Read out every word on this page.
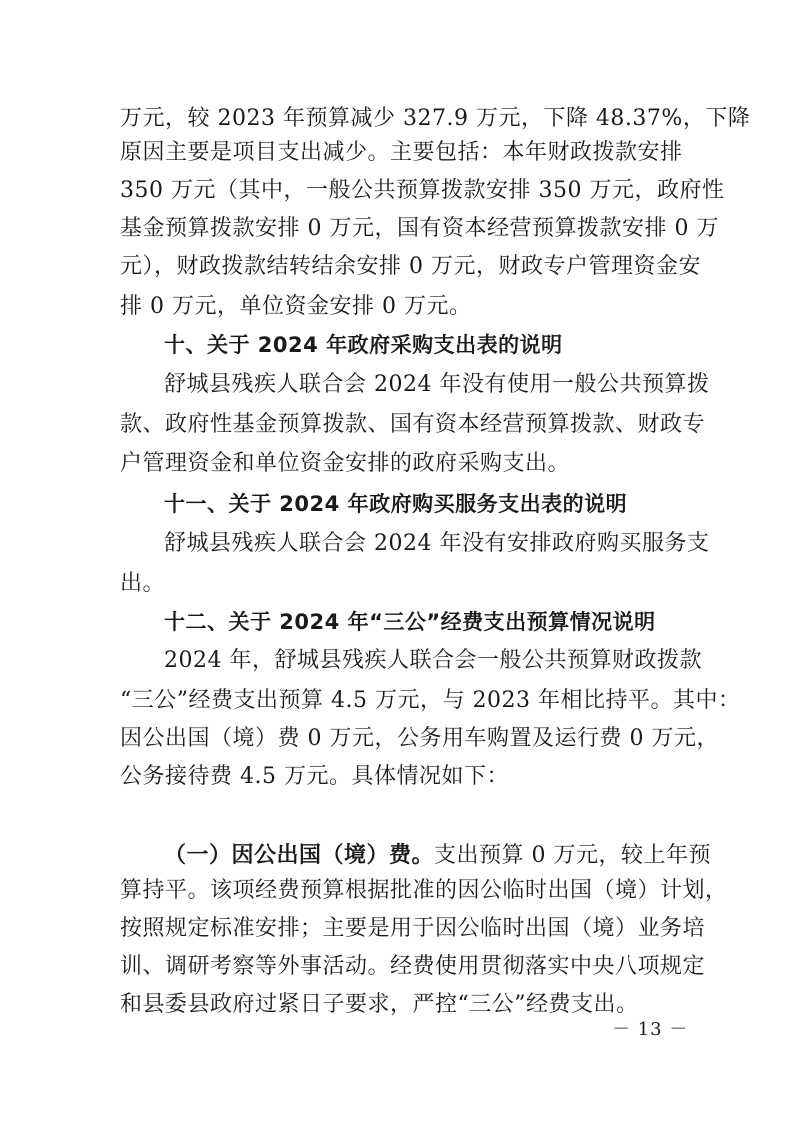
万元，较 2023 年预算减少 327.9 万元，下降 48.37%，下降
原因主要是项目支出减少。主要包括：本年财政拨款安排
350 万元（其中，一般公共预算拨款安排 350 万元，政府性
基金预算拨款安排 0 万元，国有资本经营预算拨款安排 0 万
元），财政拨款结转结余安排 0 万元，财政专户管理资金安
排 0 万元，单位资金安排 0 万元。
十、关于 2024 年政府采购支出表的说明
舒城县残疾人联合会 2024 年没有使用一般公共预算拨
款、政府性基金预算拨款、国有资本经营预算拨款、财政专
户管理资金和单位资金安排的政府采购支出。
十一、关于 2024 年政府购买服务支出表的说明
舒城县残疾人联合会 2024 年没有安排政府购买服务支
出。
十二、关于 2024 年“三公”经费支出预算情况说明
2024 年，舒城县残疾人联合会一般公共预算财政拨款
“三公”经费支出预算 4.5 万元，与 2023 年相比持平。其中：
因公出国（境）费 0 万元，公务用车购置及运行费 0 万元，
公务接待费 4.5 万元。具体情况如下：
（一）因公出国（境）费。支出预算 0 万元，较上年预
算持平。该项经费预算根据批准的因公临时出国（境）计划，
按照规定标准安排；主要是用于因公临时出国（境）业务培
训、调研考察等外事活动。经费使用贯彻落实中央八项规定
和县委县政府过紧日子要求，严控“三公”经费支出。
－ 13 －
